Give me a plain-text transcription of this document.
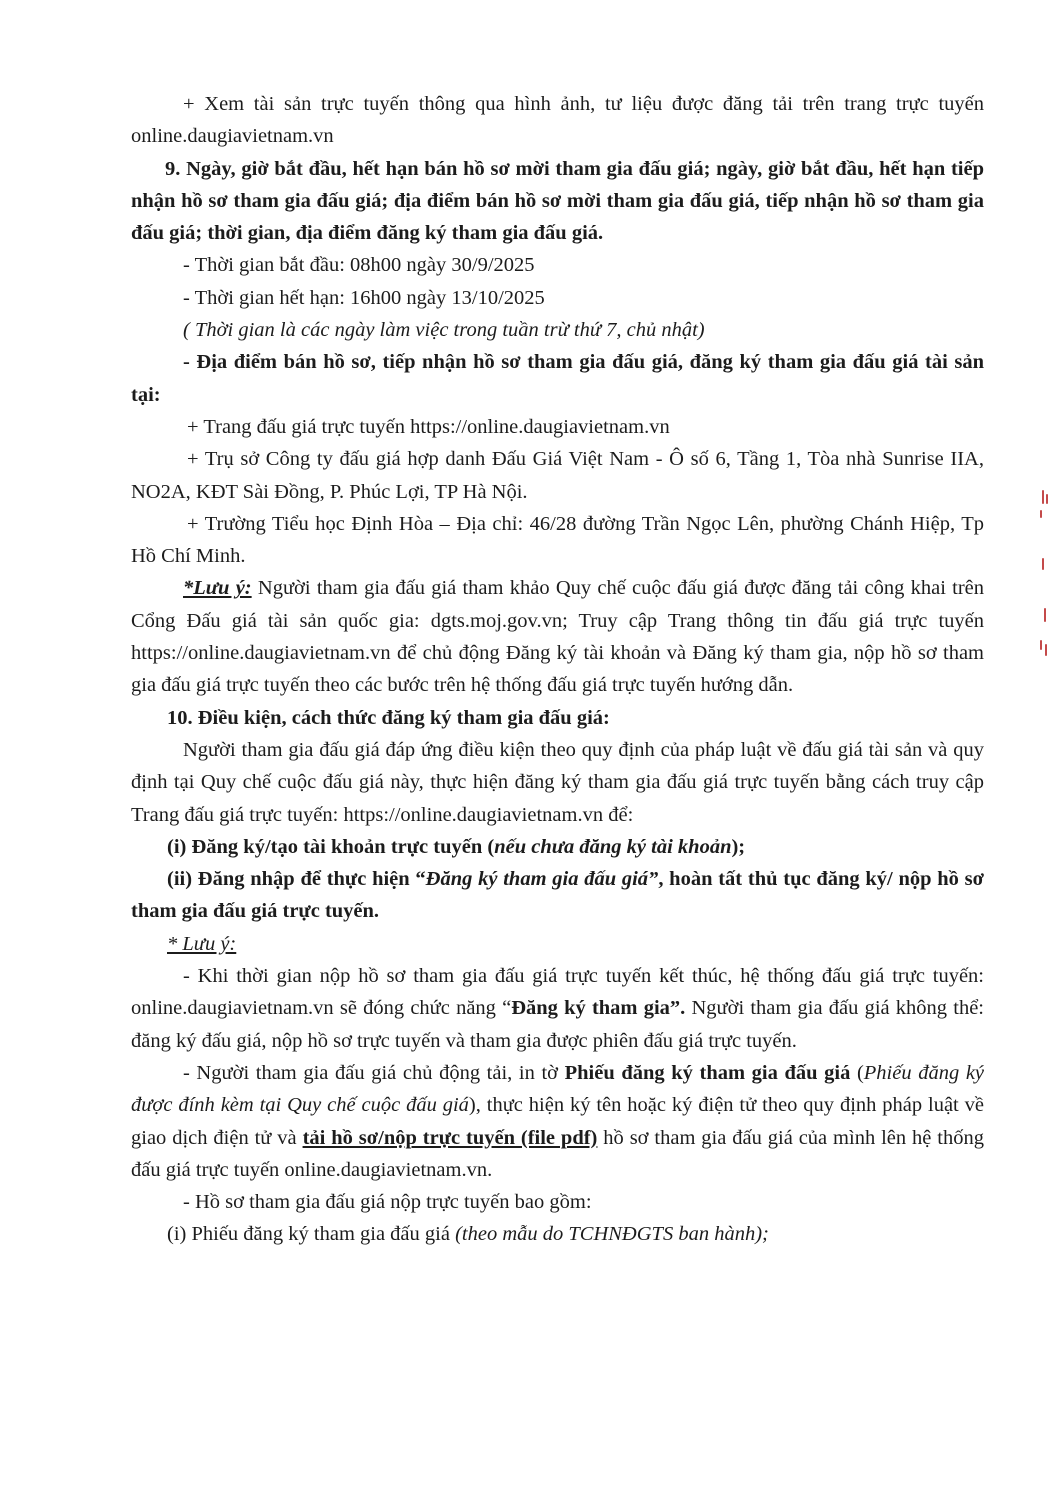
+ Xem tài sản trực tuyến thông qua hình ảnh, tư liệu được đăng tải trên trang trực tuyến online.daugiavietnam.vn

9. Ngày, giờ bắt đầu, hết hạn bán hồ sơ mời tham gia đấu giá; ngày, giờ bắt đầu, hết hạn tiếp nhận hồ sơ tham gia đấu giá; địa điểm bán hồ sơ mời tham gia đấu giá, tiếp nhận hồ sơ tham gia đấu giá; thời gian, địa điểm đăng ký tham gia đấu giá.

- Thời gian bắt đầu: 08h00 ngày 30/9/2025

- Thời gian hết hạn: 16h00 ngày 13/10/2025

( Thời gian là các ngày làm việc trong tuần trừ thứ 7, chủ nhật)

- Địa điểm bán hồ sơ, tiếp nhận hồ sơ tham gia đấu giá, đăng ký tham gia đấu giá tài sản tại:

+ Trang đấu giá trực tuyến https://online.daugiavietnam.vn

+ Trụ sở Công ty đấu giá hợp danh Đấu Giá Việt Nam - Ô số 6, Tầng 1, Tòa nhà Sunrise IIA, NO2A, KĐT Sài Đồng, P. Phúc Lợi, TP Hà Nội.

+ Trường Tiểu học Định Hòa – Địa chỉ: 46/28 đường Trần Ngọc Lên, phường Chánh Hiệp, Tp Hồ Chí Minh.

*Lưu ý: Người tham gia đấu giá tham khảo Quy chế cuộc đấu giá được đăng tải công khai trên Cổng Đấu giá tài sản quốc gia: dgts.moj.gov.vn; Truy cập Trang thông tin đấu giá trực tuyến https://online.daugiavietnam.vn để chủ động Đăng ký tài khoản và Đăng ký tham gia, nộp hồ sơ tham gia đấu giá trực tuyến theo các bước trên hệ thống đấu giá trực tuyến hướng dẫn.

10. Điều kiện, cách thức đăng ký tham gia đấu giá:

Người tham gia đấu giá đáp ứng điều kiện theo quy định của pháp luật về đấu giá tài sản và quy định tại Quy chế cuộc đấu giá này, thực hiện đăng ký tham gia đấu giá trực tuyến bằng cách truy cập Trang đấu giá trực tuyến: https://online.daugiavietnam.vn để:

(i) Đăng ký/tạo tài khoản trực tuyến (nếu chưa đăng ký tài khoản);

(ii) Đăng nhập để thực hiện “Đăng ký tham gia đấu giá”, hoàn tất thủ tục đăng ký/ nộp hồ sơ tham gia đấu giá trực tuyến.

* Lưu ý:

- Khi thời gian nộp hồ sơ tham gia đấu giá trực tuyến kết thúc, hệ thống đấu giá trực tuyến: online.daugiavietnam.vn sẽ đóng chức năng “Đăng ký tham gia”. Người tham gia đấu giá không thể: đăng ký đấu giá, nộp hồ sơ trực tuyến và tham gia được phiên đấu giá trực tuyến.

- Người tham gia đấu giá chủ động tải, in tờ Phiếu đăng ký tham gia đấu giá (Phiếu đăng ký được đính kèm tại Quy chế cuộc đấu giá), thực hiện ký tên hoặc ký điện tử theo quy định pháp luật về giao dịch điện tử và tải hồ sơ/nộp trực tuyến (file pdf) hồ sơ tham gia đấu giá của mình lên hệ thống đấu giá trực tuyến online.daugiavietnam.vn.

- Hồ sơ tham gia đấu giá nộp trực tuyến bao gồm:

(i) Phiếu đăng ký tham gia đấu giá (theo mẫu do TCHNĐGTS ban hành);
